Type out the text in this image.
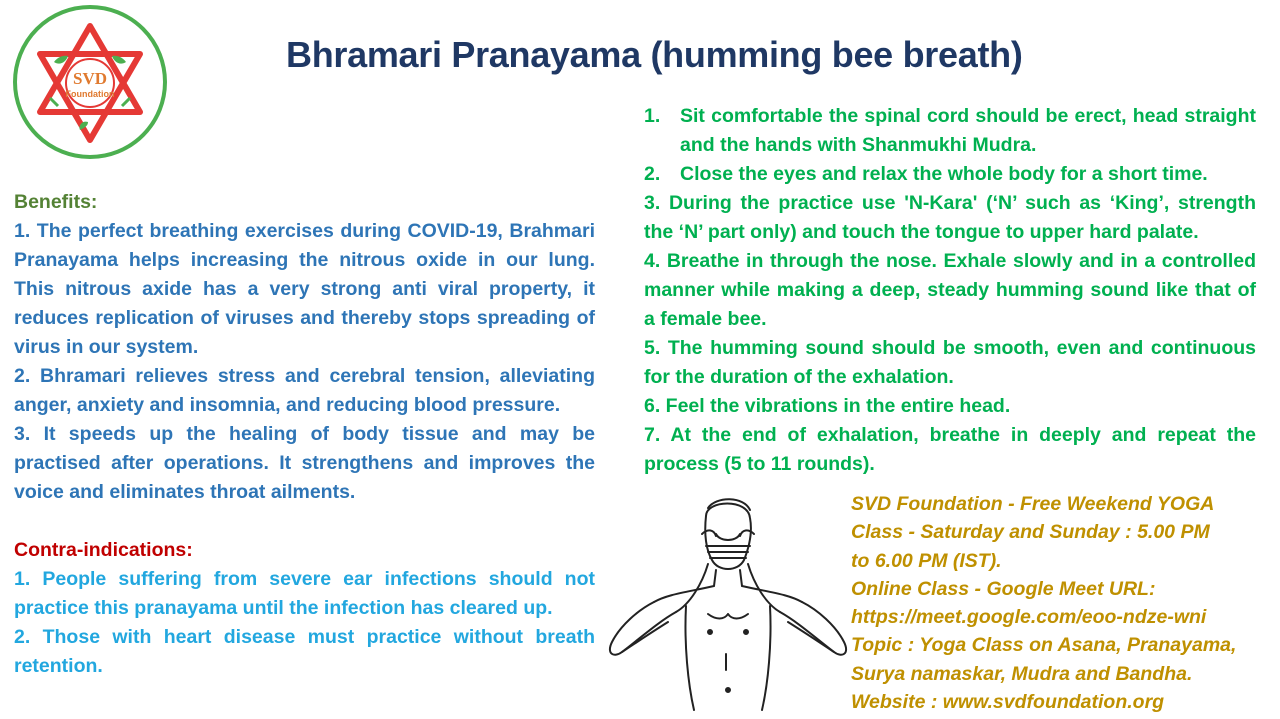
SVD
Foundation
Bhramari Pranayama (humming bee breath)
Benefits:
1. The perfect breathing exercises during COVID-19, Brahmari Pranayama helps increasing the nitrous oxide in our lung. This nitrous axide has a very strong anti viral property, it reduces replication of viruses and thereby stops spreading of virus in our system.
2. Bhramari relieves stress and cerebral tension, alleviating anger, anxiety and insomnia, and reducing blood pressure.
3. It speeds up the healing of body tissue and may be practised after operations. It strengthens and improves the voice and eliminates throat ailments.
Contra-indications:
1. People suffering from severe ear infections should not practice this pranayama until the infection has cleared up.
2. Those with heart disease must practice without breath retention.
1. Sit comfortable the spinal cord should be erect, head straight and the hands with Shanmukhi Mudra.
2. Close the eyes and relax the whole body for a short time.
3. During the practice use 'N-Kara' (‘N’ such as ‘King’, strength the ‘N’ part only) and touch the tongue to upper hard palate.
4. Breathe in through the nose. Exhale slowly and in a controlled manner while making a deep, steady humming sound like that of a female bee.
5. The humming sound should be smooth, even and continuous for the duration of the exhalation.
6. Feel the vibrations in the entire head.
7. At the end of exhalation, breathe in deeply and repeat the process (5 to 11 rounds).
SVD Foundation - Free Weekend YOGA
Class - Saturday and Sunday : 5.00 PM
to 6.00 PM (IST).
Online Class - Google Meet URL:
https://meet.google.com/eoo-ndze-wni
Topic : Yoga Class on Asana, Pranayama,
Surya namaskar, Mudra and Bandha.
Website : www.svdfoundation.org
